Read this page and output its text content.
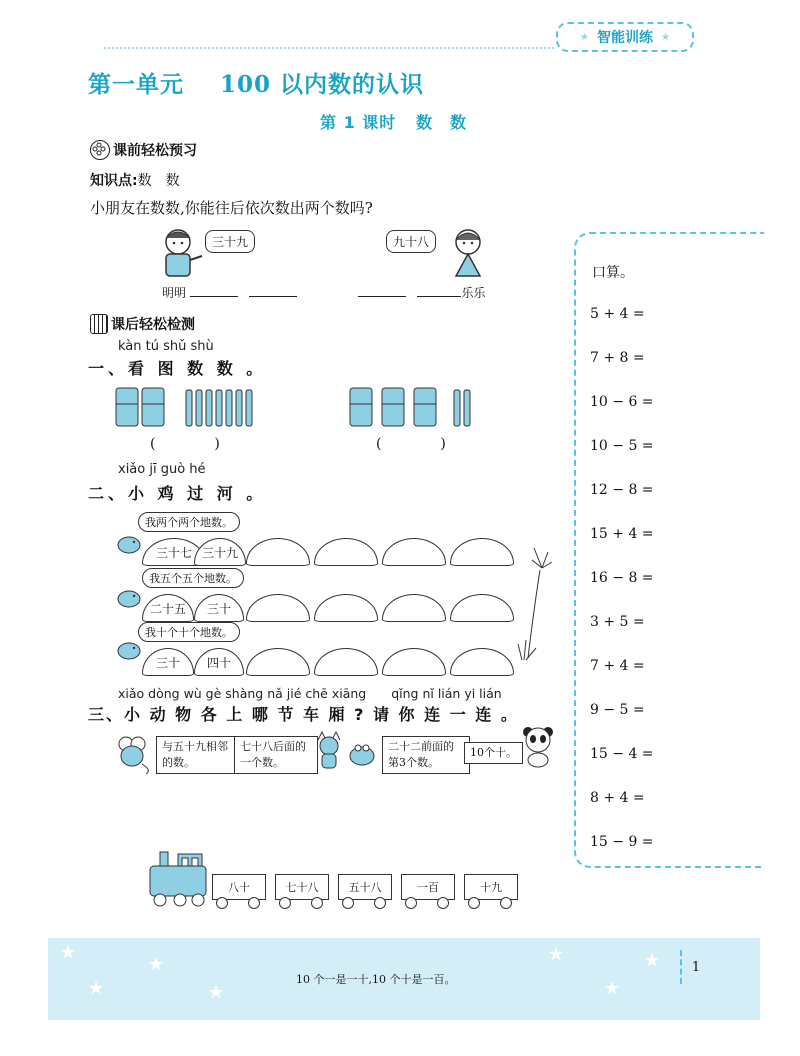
★ 智能训练 ★
第一单元 100 以内数的认识
第 1 课时 数　数
课前轻松预习
知识点:数　数
小朋友在数数,你能往后依次数出两个数吗?
三十九
明明
九十八
乐乐
课后轻松检测
kàn tú shǔ shù
一、看 图 数 数 。
(	)	(	)
xiǎo jī guò hé
二、小 鸡 过 河 。
我两个两个地数。
三十七 三十九
我五个五个地数。
二十五	三十
我十个十个地数。
三十	四十
xiǎo dòng wù gè shàng nǎ jié chē xiāng　　qǐng nǐ lián yi lián
三、小 动 物 各 上 哪 节 车 厢 ? 请 你 连 一 连 。
与五十九相邻的数。
七十八后面的一个数。
二十二前面的第3个数。
10个十。
八十	七十八	五十八	一百	十九
口算。
5 + 4 =
7 + 8 =
10 − 6 =
10 − 5 =
12 − 8 =
15 + 4 =
16 − 8 =
3 + 5 =
7 + 4 =
9 − 5 =
15 − 4 =
8 + 4 =
15 − 9 =
★
★
★
★
★
★
★
10 个一是一十,10 个十是一百。
1
